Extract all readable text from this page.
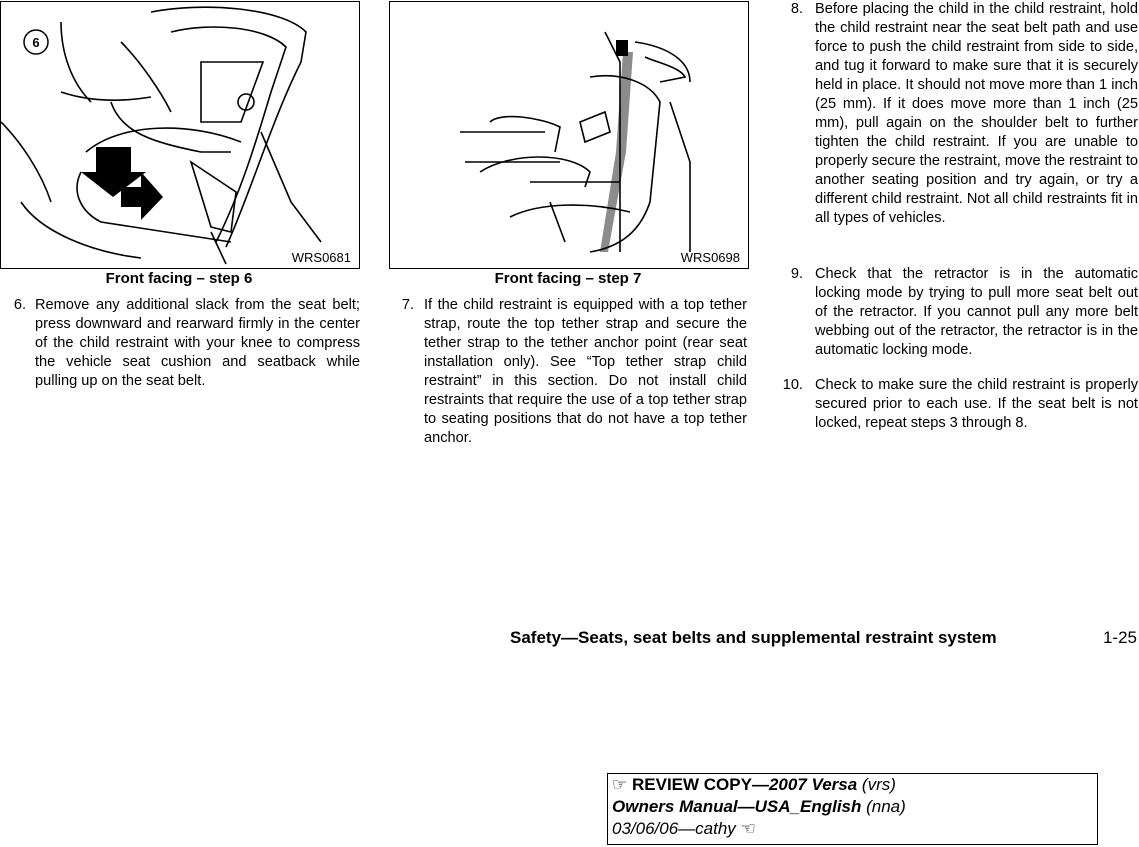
6
WRS0681
Front facing – step 6
WRS0698
Front facing – step 7
6. Remove any additional slack from the seat belt; press downward and rearward firmly in the center of the child restraint with your knee to compress the vehicle seat cushion and seatback while pulling up on the seat belt.
7. If the child restraint is equipped with a top tether strap, route the top tether strap and secure the tether strap to the tether anchor point (rear seat installation only). See “Top tether strap child restraint” in this section. Do not install child restraints that require the use of a top tether strap to seating positions that do not have a top tether anchor.
8. Before placing the child in the child restraint, hold the child restraint near the seat belt path and use force to push the child restraint from side to side, and tug it forward to make sure that it is securely held in place. It should not move more than 1 inch (25 mm). If it does move more than 1 inch (25 mm), pull again on the shoulder belt to further tighten the child restraint. If you are unable to properly secure the restraint, move the restraint to another seating position and try again, or try a different child restraint. Not all child restraints fit in all types of vehicles.
9. Check that the retractor is in the automatic locking mode by trying to pull more seat belt out of the retractor. If you cannot pull any more belt webbing out of the retractor, the retractor is in the automatic locking mode.
10. Check to make sure the child restraint is properly secured prior to each use. If the seat belt is not locked, repeat steps 3 through 8.
Safety—Seats, seat belts and supplemental restraint system	1-25
☞ REVIEW COPY—2007 Versa (vrs)
Owners Manual—USA_English (nna)
03/06/06—cathy ☜
